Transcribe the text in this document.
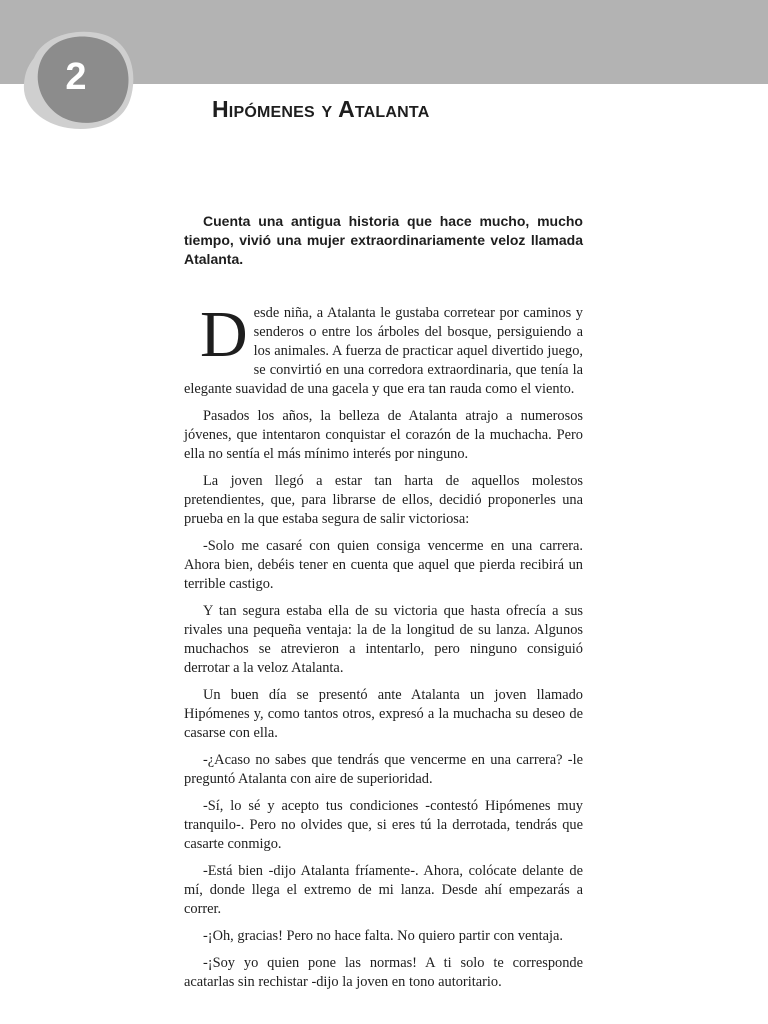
2
Hipómenes y Atalanta

Cuenta una antigua historia que hace mucho, mucho tiempo, vivió una mujer extraordinariamente veloz llamada Atalanta.

Desde niña, a Atalanta le gustaba corretear por caminos y senderos o entre los árboles del bosque, persiguiendo a los animales. A fuerza de practicar aquel divertido juego, se convirtió en una corredora extraordinaria, que tenía la elegante suavidad de una gacela y que era tan rauda como el viento.

Pasados los años, la belleza de Atalanta atrajo a numerosos jóvenes, que intentaron conquistar el corazón de la muchacha. Pero ella no sentía el más mínimo interés por ninguno.

La joven llegó a estar tan harta de aquellos molestos pretendientes, que, para librarse de ellos, decidió proponerles una prueba en la que estaba segura de salir victoriosa:

-Solo me casaré con quien consiga vencerme en una carrera. Ahora bien, debéis tener en cuenta que aquel que pierda recibirá un terrible castigo.

Y tan segura estaba ella de su victoria que hasta ofrecía a sus rivales una pequeña ventaja: la de la longitud de su lanza. Algunos muchachos se atrevieron a intentarlo, pero ninguno consiguió derrotar a la veloz Atalanta.

Un buen día se presentó ante Atalanta un joven llamado Hipómenes y, como tantos otros, expresó a la muchacha su deseo de casarse con ella.

-¿Acaso no sabes que tendrás que vencerme en una carrera? -le preguntó Atalanta con aire de superioridad.

-Sí, lo sé y acepto tus condiciones -contestó Hipómenes muy tranquilo-. Pero no olvides que, si eres tú la derrotada, tendrás que casarte conmigo.

-Está bien -dijo Atalanta fríamente-. Ahora, colócate delante de mí, donde llega el extremo de mi lanza. Desde ahí empezarás a correr.

-¡Oh, gracias! Pero no hace falta. No quiero partir con ventaja.

-¡Soy yo quien pone las normas! A ti solo te corresponde acatarlas sin rechistar -dijo la joven en tono autoritario.
